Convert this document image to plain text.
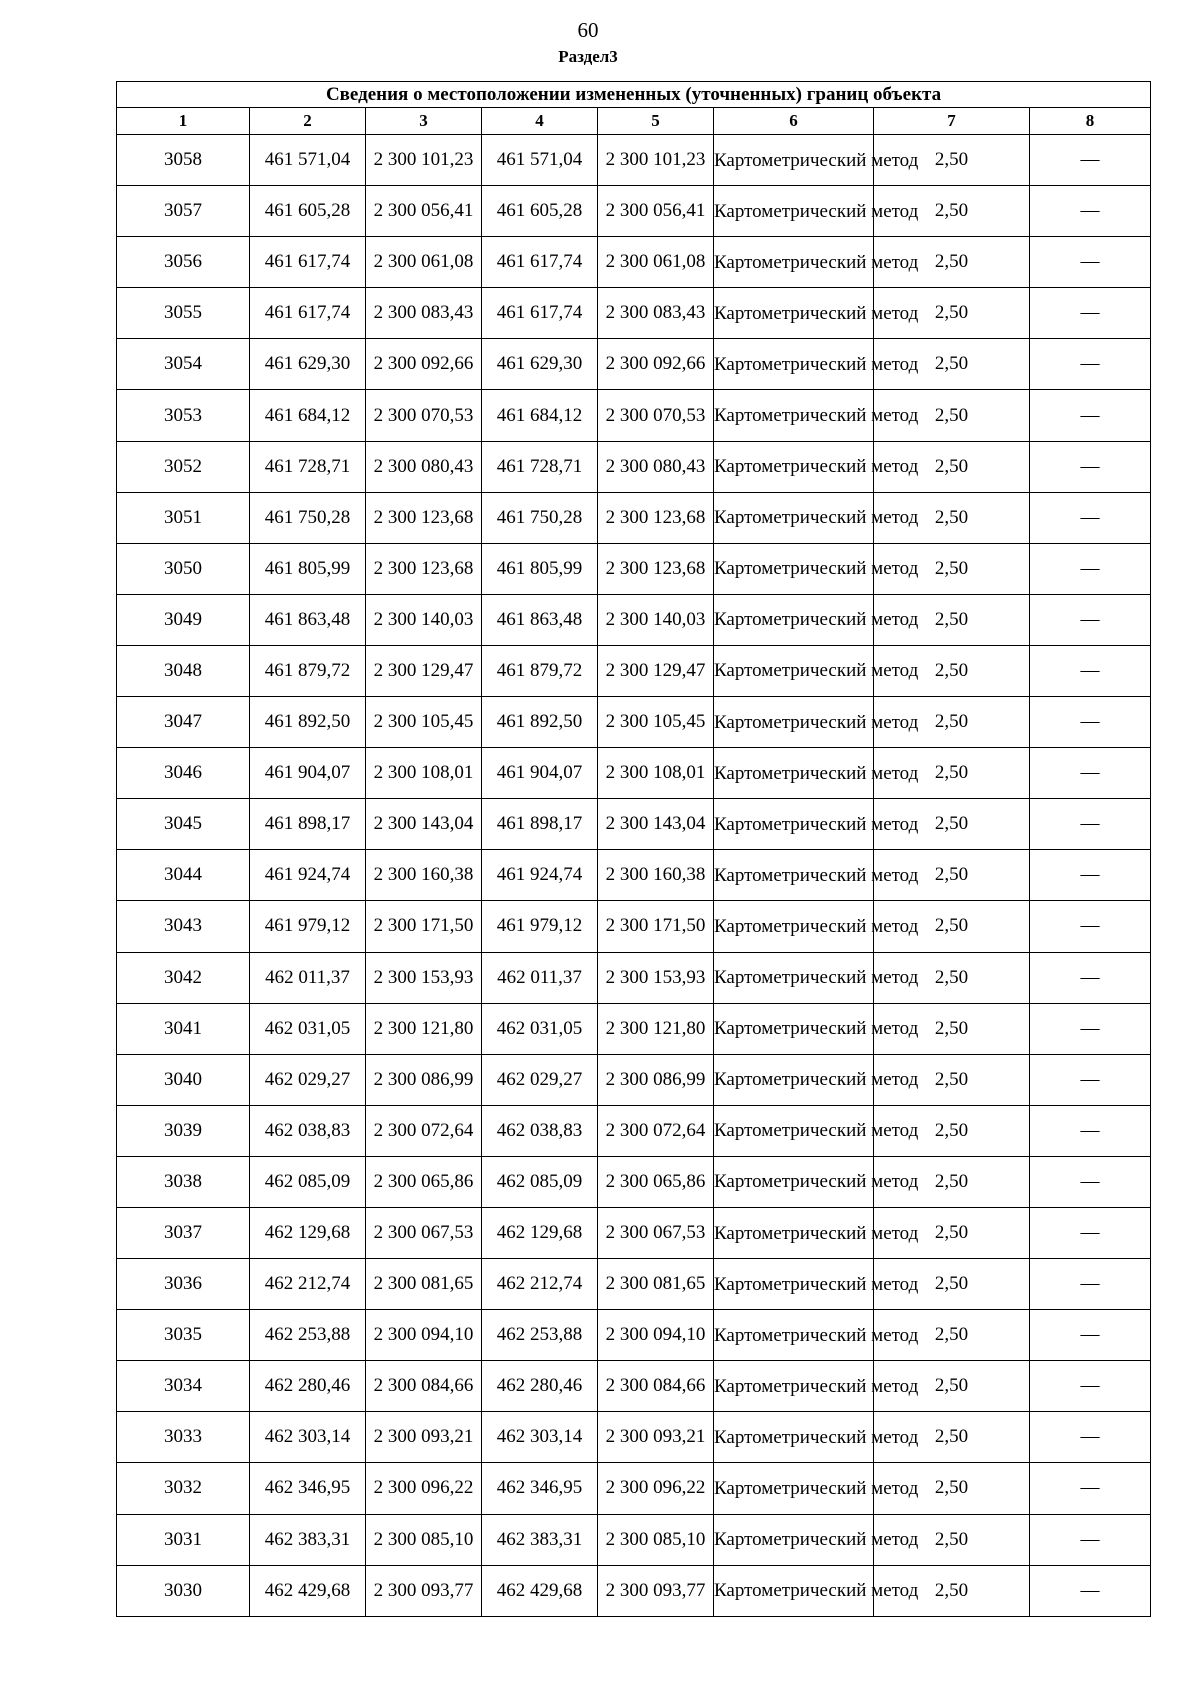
60
Раздел3
Сведения о местоположении измененных (уточненных) границ объекта							
1	2	3	4	5	6	7	8
3058	461 571,04	2 300 101,23	461 571,04	2 300 101,23	Картометрический метод	2,50	—
3057	461 605,28	2 300 056,41	461 605,28	2 300 056,41	Картометрический метод	2,50	—
3056	461 617,74	2 300 061,08	461 617,74	2 300 061,08	Картометрический метод	2,50	—
3055	461 617,74	2 300 083,43	461 617,74	2 300 083,43	Картометрический метод	2,50	—
3054	461 629,30	2 300 092,66	461 629,30	2 300 092,66	Картометрический метод	2,50	—
3053	461 684,12	2 300 070,53	461 684,12	2 300 070,53	Картометрический метод	2,50	—
3052	461 728,71	2 300 080,43	461 728,71	2 300 080,43	Картометрический метод	2,50	—
3051	461 750,28	2 300 123,68	461 750,28	2 300 123,68	Картометрический метод	2,50	—
3050	461 805,99	2 300 123,68	461 805,99	2 300 123,68	Картометрический метод	2,50	—
3049	461 863,48	2 300 140,03	461 863,48	2 300 140,03	Картометрический метод	2,50	—
3048	461 879,72	2 300 129,47	461 879,72	2 300 129,47	Картометрический метод	2,50	—
3047	461 892,50	2 300 105,45	461 892,50	2 300 105,45	Картометрический метод	2,50	—
3046	461 904,07	2 300 108,01	461 904,07	2 300 108,01	Картометрический метод	2,50	—
3045	461 898,17	2 300 143,04	461 898,17	2 300 143,04	Картометрический метод	2,50	—
3044	461 924,74	2 300 160,38	461 924,74	2 300 160,38	Картометрический метод	2,50	—
3043	461 979,12	2 300 171,50	461 979,12	2 300 171,50	Картометрический метод	2,50	—
3042	462 011,37	2 300 153,93	462 011,37	2 300 153,93	Картометрический метод	2,50	—
3041	462 031,05	2 300 121,80	462 031,05	2 300 121,80	Картометрический метод	2,50	—
3040	462 029,27	2 300 086,99	462 029,27	2 300 086,99	Картометрический метод	2,50	—
3039	462 038,83	2 300 072,64	462 038,83	2 300 072,64	Картометрический метод	2,50	—
3038	462 085,09	2 300 065,86	462 085,09	2 300 065,86	Картометрический метод	2,50	—
3037	462 129,68	2 300 067,53	462 129,68	2 300 067,53	Картометрический метод	2,50	—
3036	462 212,74	2 300 081,65	462 212,74	2 300 081,65	Картометрический метод	2,50	—
3035	462 253,88	2 300 094,10	462 253,88	2 300 094,10	Картометрический метод	2,50	—
3034	462 280,46	2 300 084,66	462 280,46	2 300 084,66	Картометрический метод	2,50	—
3033	462 303,14	2 300 093,21	462 303,14	2 300 093,21	Картометрический метод	2,50	—
3032	462 346,95	2 300 096,22	462 346,95	2 300 096,22	Картометрический метод	2,50	—
3031	462 383,31	2 300 085,10	462 383,31	2 300 085,10	Картометрический метод	2,50	—
3030	462 429,68	2 300 093,77	462 429,68	2 300 093,77	Картометрический метод	2,50	—
